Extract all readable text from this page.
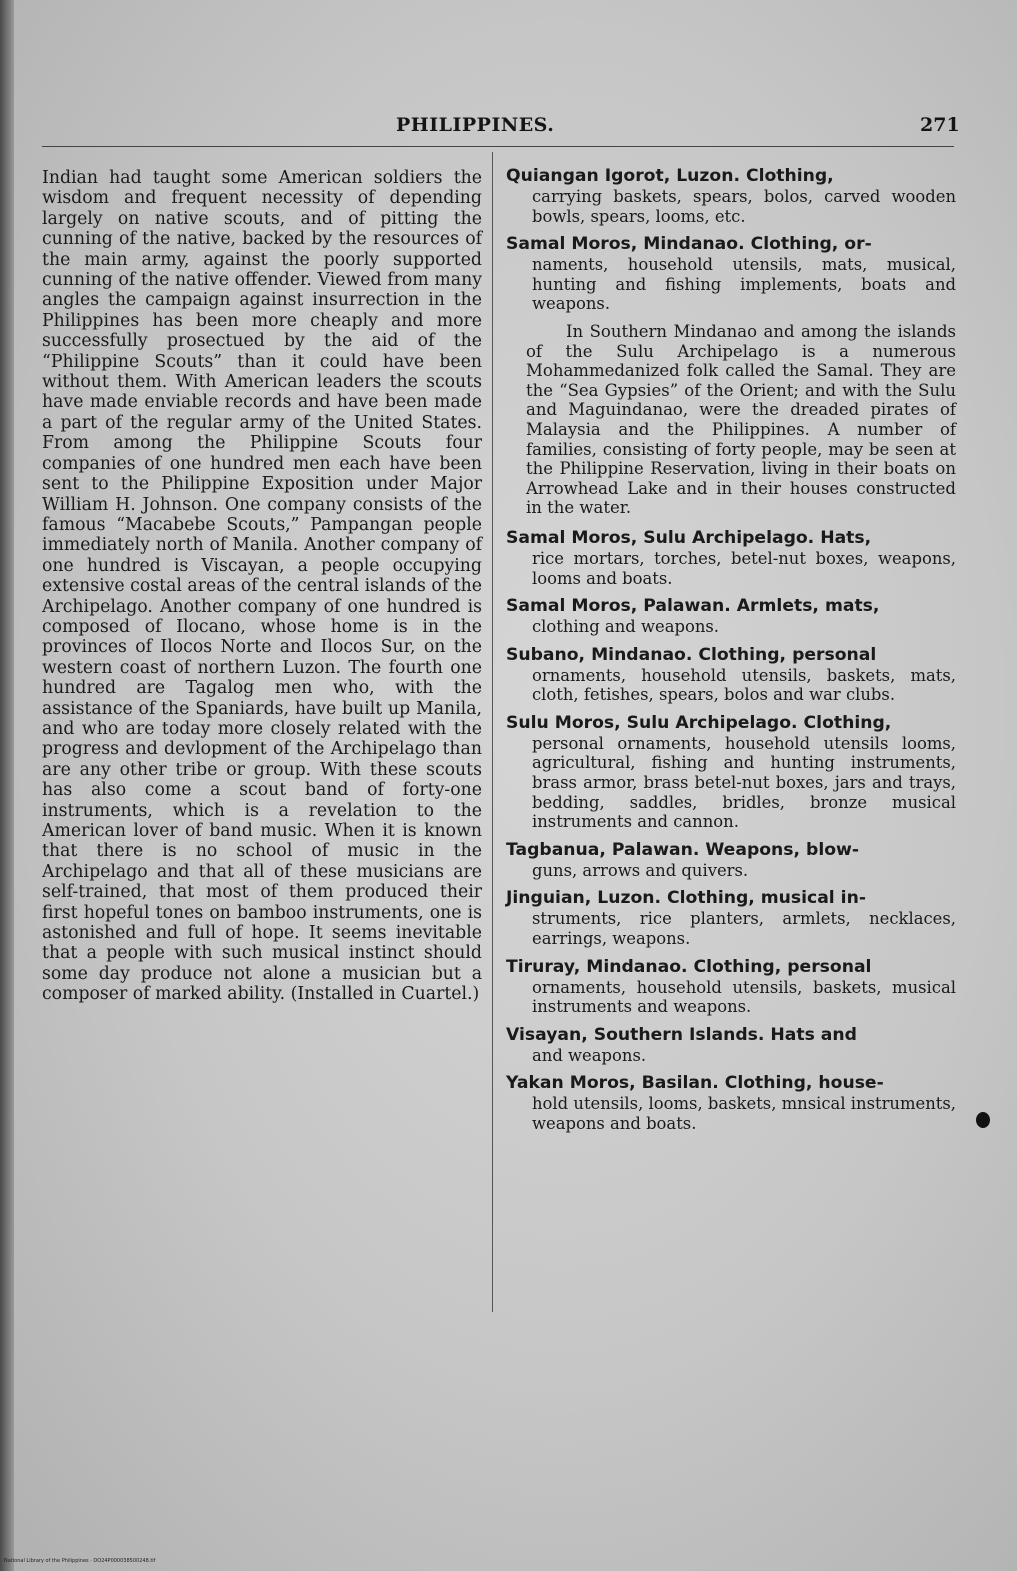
PHILIPPINES.	271

Indian had taught some American soldiers the wisdom and frequent necessity of depending largely on native scouts, and of pitting the cunning of the native, backed by the resources of the main army, against the poorly supported cunning of the native offender. Viewed from many angles the campaign against insurrection in the Philippines has been more cheaply and more successfully prosectued by the aid of the “Philippine Scouts” than it could have been without them. With American leaders the scouts have made enviable records and have been made a part of the regular army of the United States. From among the Philippine Scouts four companies of one hundred men each have been sent to the Philippine Exposition under Major William H. Johnson. One company consists of the famous “Macabebe Scouts,” Pampangan people immediately north of Manila. Another company of one hundred is Viscayan, a people occupying extensive costal areas of the central islands of the Archipelago. Another company of one hundred is composed of Ilocano, whose home is in the provinces of Ilocos Norte and Ilocos Sur, on the western coast of northern Luzon. The fourth one hundred are Tagalog men who, with the assistance of the Spaniards, have built up Manila, and who are today more closely related with the progress and devlopment of the Archipelago than are any other tribe or group. With these scouts has also come a scout band of forty-one instruments, which is a revelation to the American lover of band music. When it is known that there is no school of music in the Archipelago and that all of these musicians are self-trained, that most of them produced their first hopeful tones on bamboo instruments, one is astonished and full of hope. It seems inevitable that a people with such musical instinct should some day produce not alone a musician but a composer of marked ability. (Installed in Cuartel.)

Quiangan Igorot, Luzon. Clothing,
carrying baskets, spears, bolos, carved wooden bowls, spears, looms, etc.
Samal Moros, Mindanao. Clothing, or-
naments, household utensils, mats, musical, hunting and fishing implements, boats and weapons.
In Southern Mindanao and among the islands of the Sulu Archipelago is a numerous Mohammedanized folk called the Samal. They are the “Sea Gypsies” of the Orient; and with the Sulu and Maguindanao, were the dreaded pirates of Malaysia and the Philippines. A number of families, consisting of forty people, may be seen at the Philippine Reservation, living in their boats on Arrowhead Lake and in their houses constructed in the water.
Samal Moros, Sulu Archipelago. Hats,
rice mortars, torches, betel-nut boxes, weapons, looms and boats.
Samal Moros, Palawan. Armlets, mats,
clothing and weapons.
Subano, Mindanao. Clothing, personal
ornaments, household utensils, baskets, mats, cloth, fetishes, spears, bolos and war clubs.
Sulu Moros, Sulu Archipelago. Clothing,
personal ornaments, household utensils looms, agricultural, fishing and hunting instruments, brass armor, brass betel-nut boxes, jars and trays, bedding, saddles, bridles, bronze musical instruments and cannon.
Tagbanua, Palawan. Weapons, blow-
guns, arrows and quivers.
Jinguian, Luzon. Clothing, musical in-
struments, rice planters, armlets, necklaces, earrings, weapons.
Tiruray, Mindanao. Clothing, personal
ornaments, household utensils, baskets, musical instruments and weapons.
Visayan, Southern Islands. Hats and
and weapons.
Yakan Moros, Basilan. Clothing, house-
hold utensils, looms, baskets, mnsical instruments, weapons and boats.
National Library of the Philippines · DO24P000038500248.tif
